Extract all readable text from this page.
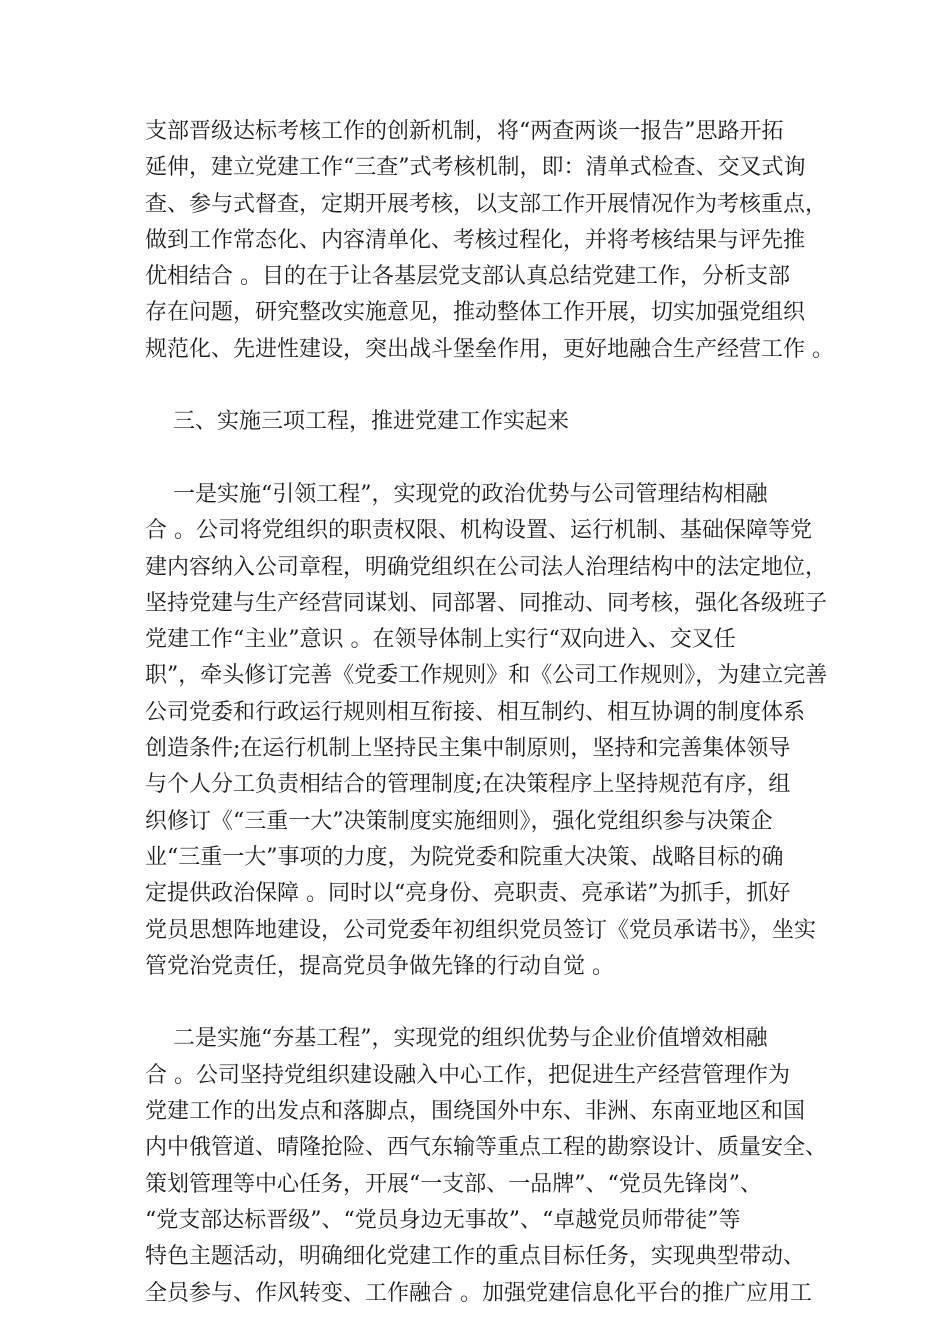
支部晋级达标考核工作的创新机制，将“两查两谈一报告”思路开拓
延伸，建立党建工作“三查”式考核机制，即：清单式检查、交叉式询
查、参与式督查，定期开展考核，以支部工作开展情况作为考核重点，
做到工作常态化、内容清单化、考核过程化，并将考核结果与评先推
优相结合 。目的在于让各基层党支部认真总结党建工作，分析支部
存在问题，研究整改实施意见，推动整体工作开展，切实加强党组织
规范化、先进性建设，突出战斗堡垒作用，更好地融合生产经营工作 。
三、实施三项工程，推进党建工作实起来
一是实施“引领工程”，实现党的政治优势与公司管理结构相融
合 。公司将党组织的职责权限、机构设置、运行机制、基础保障等党
建内容纳入公司章程，明确党组织在公司法人治理结构中的法定地位，
坚持党建与生产经营同谋划、同部署、同推动、同考核，强化各级班子
党建工作“主业”意识 。在领导体制上实行“双向进入、交叉任
职”，牵头修订完善《党委工作规则》和《公司工作规则》，为建立完善
公司党委和行政运行规则相互衔接、相互制约、相互协调的制度体系
创造条件;在运行机制上坚持民主集中制原则，坚持和完善集体领导
与个人分工负责相结合的管理制度;在决策程序上坚持规范有序，组
织修订《“三重一大”决策制度实施细则》，强化党组织参与决策企
业“三重一大”事项的力度，为院党委和院重大决策、战略目标的确
定提供政治保障 。同时以“亮身份、亮职责、亮承诺”为抓手，抓好
党员思想阵地建设，公司党委年初组织党员签订《党员承诺书》，坐实
管党治党责任，提高党员争做先锋的行动自觉 。
二是实施“夯基工程”，实现党的组织优势与企业价值增效相融
合 。公司坚持党组织建设融入中心工作，把促进生产经营管理作为
党建工作的出发点和落脚点，围绕国外中东、非洲、东南亚地区和国
内中俄管道、晴隆抢险、西气东输等重点工程的勘察设计、质量安全、
策划管理等中心任务，开展“一支部、一品牌”、“党员先锋岗”、
“党支部达标晋级”、“党员身边无事故”、“卓越党员师带徒”等
特色主题活动，明确细化党建工作的重点目标任务，实现典型带动、
全员参与、作风转变、工作融合 。加强党建信息化平台的推广应用工
